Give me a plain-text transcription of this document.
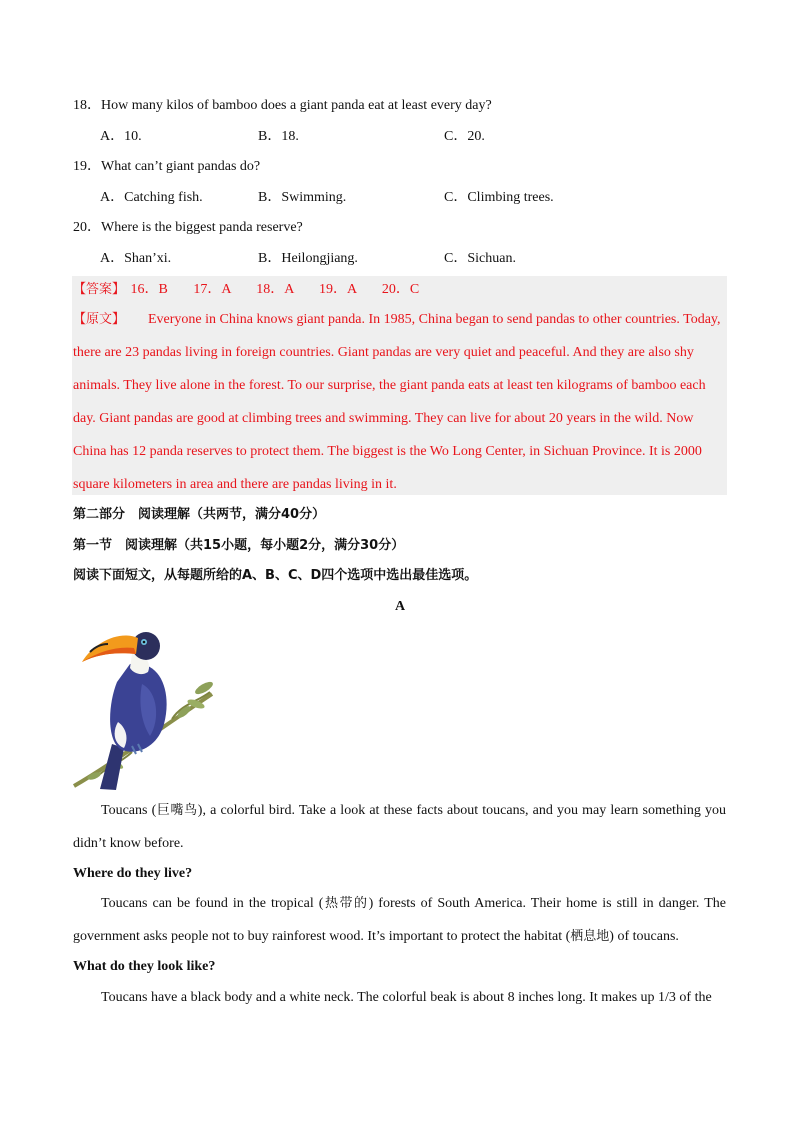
18．How many kilos of bamboo does a giant panda eat at least every day?
A．10.	B．18.	C．20.
19．What can’t giant pandas do?
A．Catching fish.	B．Swimming.	C．Climbing trees.
20．Where is the biggest panda reserve?
A．Shan’xi.	B．Heilongjiang.	C．Sichuan.
【答案】 16．B 17．A 18．A 19．A 20．C
【原文】 Everyone in China knows giant panda. In 1985, China began to send pandas to other countries. Today,
there are 23 pandas living in foreign countries. Giant pandas are very quiet and peaceful. And they are also shy
animals. They live alone in the forest. To our surprise, the giant panda eats at least ten kilograms of bamboo each
day. Giant pandas are good at climbing trees and swimming. They can live for about 20 years in the wild. Now
China has 12 panda reserves to protect them. The biggest is the Wo Long Center, in Sichuan Province. It is 2000
square kilometers in area and there are pandas living in it.
第二部分　阅读理解（共两节，满分40分）
第一节　阅读理解（共15小题，每小题2分，满分30分）
阅读下面短文，从每题所给的A、B、C、D四个选项中选出最佳选项。
A
Toucans (巨嘴鸟), a colorful bird. Take a look at these facts about toucans, and you may learn something you didn’t know before.
Where do they live?
Toucans can be found in the tropical (热带的) forests of South America. Their home is still in danger. The government asks people not to buy rainforest wood. It’s important to protect the habitat (栖息地) of toucans.
What do they look like?
Toucans have a black body and a white neck. The colorful beak is about 8 inches long. It makes up 1/3 of the
